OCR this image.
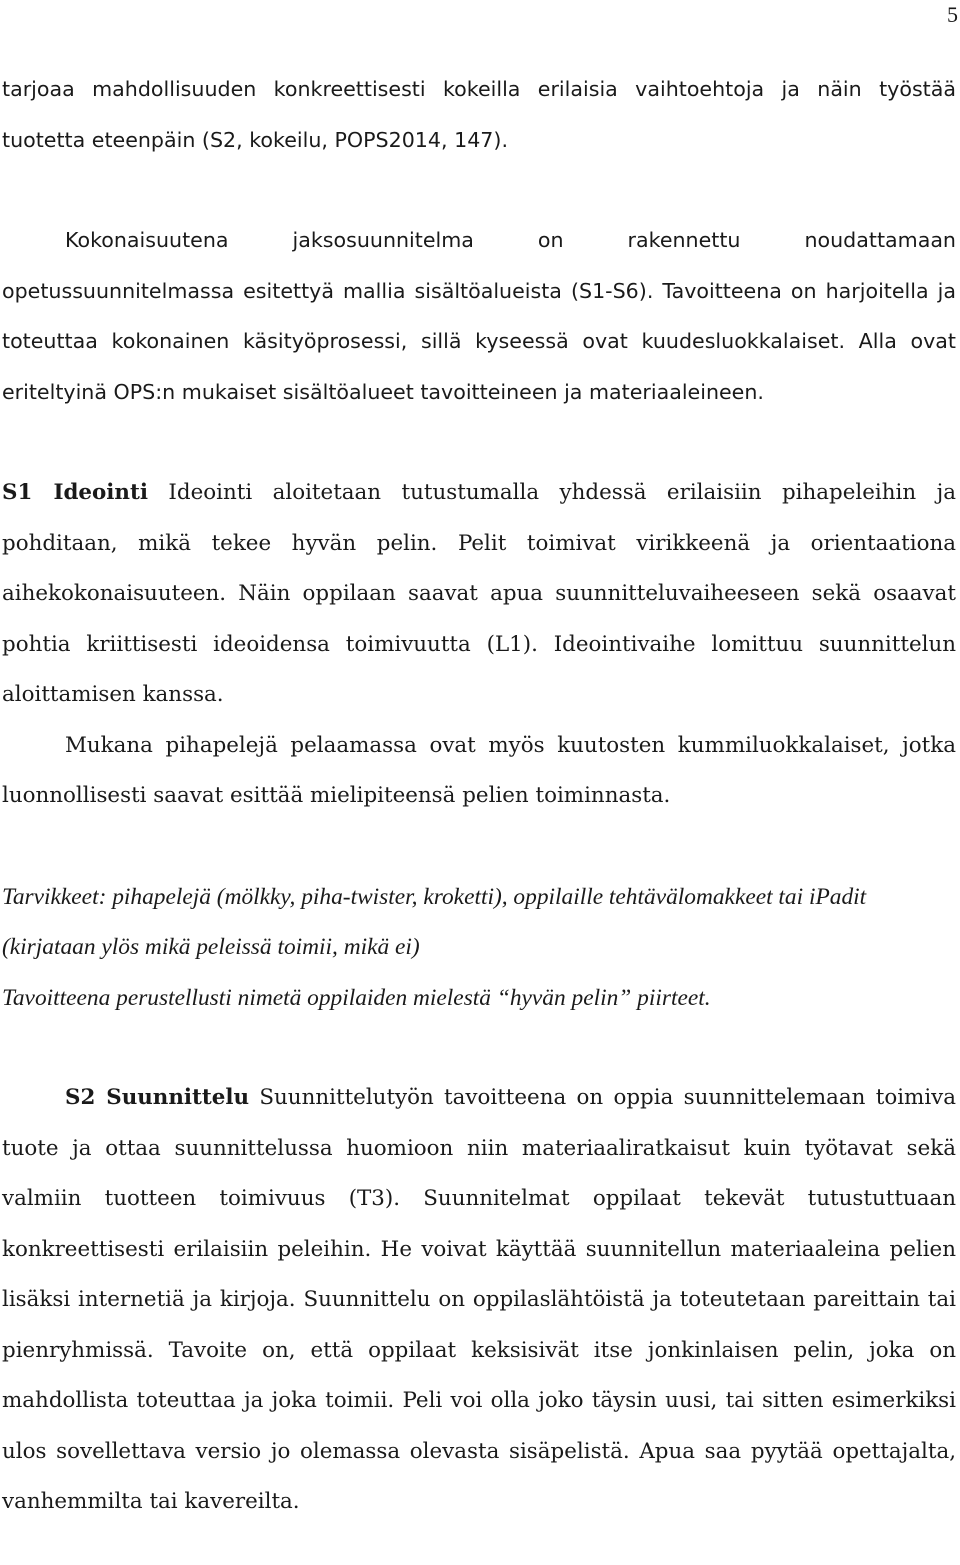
5

tarjoaa mahdollisuuden konkreettisesti kokeilla erilaisia vaihtoehtoja ja näin työstää tuotetta eteenpäin (S2, kokeilu, POPS2014, 147).

Kokonaisuutena jaksosuunnitelma on rakennettu noudattamaan opetussuunnitelmassa esitettyä mallia sisältöalueista (S1-S6). Tavoitteena on harjoitella ja toteuttaa kokonainen käsityöprosessi, sillä kyseessä ovat kuudesluokkalaiset. Alla ovat eriteltyinä OPS:n mukaiset sisältöalueet tavoitteineen ja materiaaleineen.

S1 Ideointi Ideointi aloitetaan tutustumalla yhdessä erilaisiin pihapeleihin ja pohditaan, mikä tekee hyvän pelin. Pelit toimivat virikkeenä ja orientaationa aihekokonaisuuteen. Näin oppilaan saavat apua suunnitteluvaiheeseen sekä osaavat pohtia kriittisesti ideoidensa toimivuutta (L1). Ideointivaihe lomittuu suunnittelun aloittamisen kanssa.

Mukana pihapelejä pelaamassa ovat myös kuutosten kummiluokkalaiset, jotka luonnollisesti saavat esittää mielipiteensä pelien toiminnasta.

Tarvikkeet: pihapelejä (mölkky, piha-twister, kroketti), oppilaille tehtävälomakkeet tai iPadit (kirjataan ylös mikä peleissä toimii, mikä ei)

Tavoitteena perustellusti nimetä oppilaiden mielestä “hyvän pelin” piirteet.

S2 Suunnittelu Suunnittelutyön tavoitteena on oppia suunnittelemaan toimiva tuote ja ottaa suunnittelussa huomioon niin materiaaliratkaisut kuin työtavat sekä valmiin tuotteen toimivuus (T3). Suunnitelmat oppilaat tekevät tutustuttuaan konkreettisesti erilaisiin peleihin. He voivat käyttää suunnitellun materiaaleina pelien lisäksi internetiä ja kirjoja. Suunnittelu on oppilaslähtöistä ja toteutetaan pareittain tai pienryhmissä. Tavoite on, että oppilaat keksisivät itse jonkinlaisen pelin, joka on mahdollista toteuttaa ja joka toimii. Peli voi olla joko täysin uusi, tai sitten esimerkiksi ulos sovellettava versio jo olemassa olevasta sisäpelistä. Apua saa pyytää opettajalta, vanhemmilta tai kavereilta.
